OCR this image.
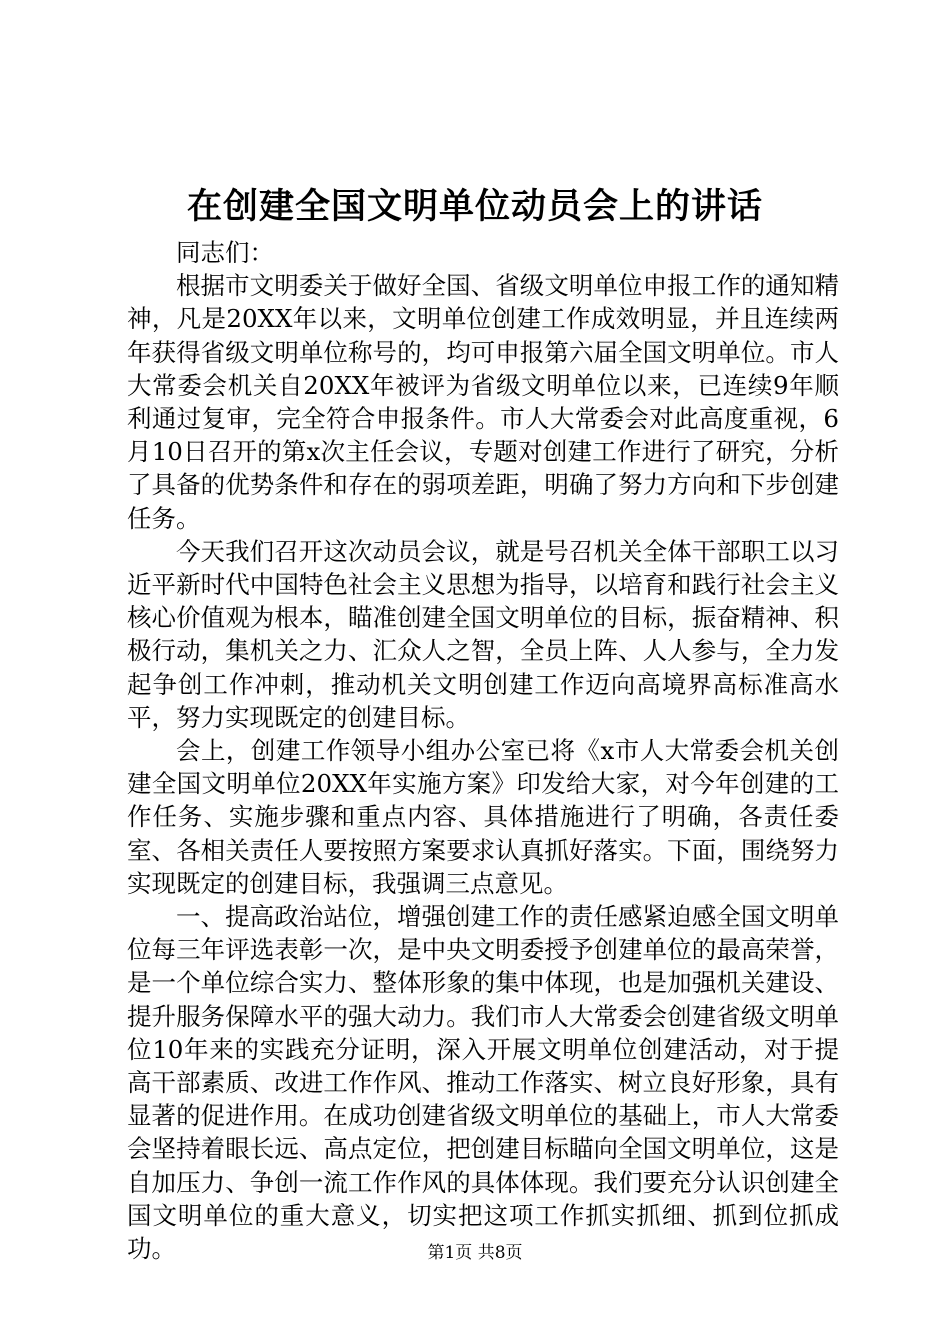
在创建全国文明单位动员会上的讲话

同志们：

根据市文明委关于做好全国、省级文明单位申报工作的通知精神，凡是20XX年以来，文明单位创建工作成效明显，并且连续两年获得省级文明单位称号的，均可申报第六届全国文明单位。市人大常委会机关自20XX年被评为省级文明单位以来，已连续9年顺利通过复审，完全符合申报条件。市人大常委会对此高度重视，6月10日召开的第x次主任会议，专题对创建工作进行了研究，分析了具备的优势条件和存在的弱项差距，明确了努力方向和下步创建任务。

今天我们召开这次动员会议，就是号召机关全体干部职工以习近平新时代中国特色社会主义思想为指导，以培育和践行社会主义核心价值观为根本，瞄准创建全国文明单位的目标，振奋精神、积极行动，集机关之力、汇众人之智，全员上阵、人人参与，全力发起争创工作冲刺，推动机关文明创建工作迈向高境界高标准高水平，努力实现既定的创建目标。

会上，创建工作领导小组办公室已将《x市人大常委会机关创建全国文明单位20XX年实施方案》印发给大家，对今年创建的工作任务、实施步骤和重点内容、具体措施进行了明确，各责任委室、各相关责任人要按照方案要求认真抓好落实。下面，围绕努力实现既定的创建目标，我强调三点意见。

一、提高政治站位，增强创建工作的责任感紧迫感全国文明单位每三年评选表彰一次，是中央文明委授予创建单位的最高荣誉，是一个单位综合实力、整体形象的集中体现，也是加强机关建设、提升服务保障水平的强大动力。我们市人大常委会创建省级文明单位10年来的实践充分证明，深入开展文明单位创建活动，对于提高干部素质、改进工作作风、推动工作落实、树立良好形象，具有显著的促进作用。在成功创建省级文明单位的基础上，市人大常委会坚持着眼长远、高点定位，把创建目标瞄向全国文明单位，这是自加压力、争创一流工作作风的具体体现。我们要充分认识创建全国文明单位的重大意义，切实把这项工作抓实抓细、抓到位抓成功。	第1页 共8页
